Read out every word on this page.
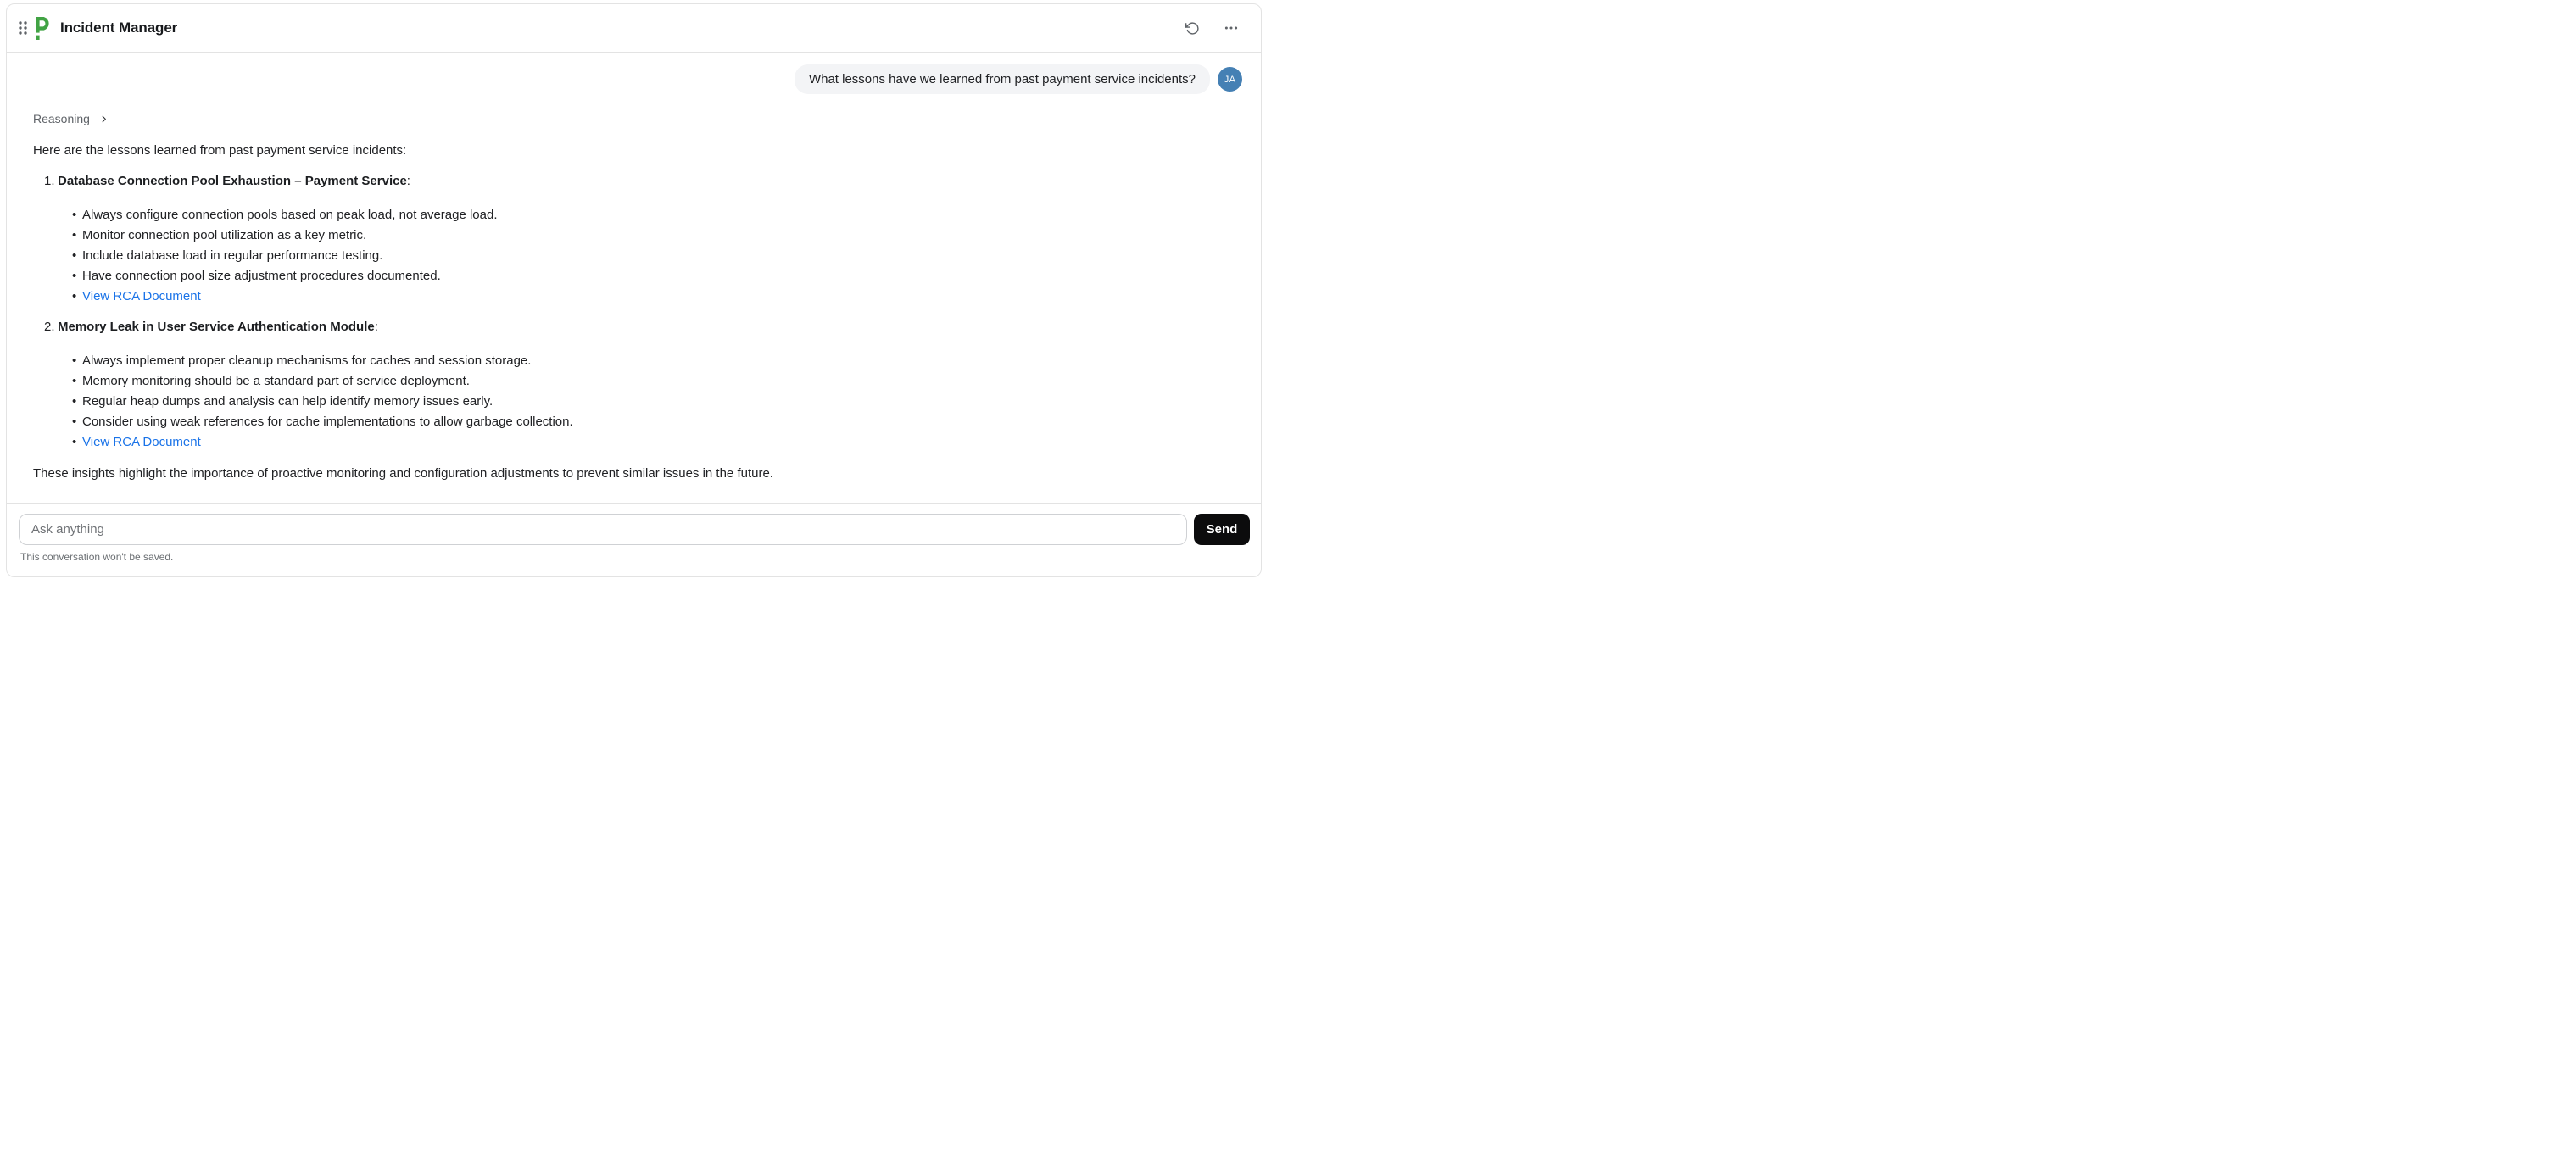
Incident Manager
What lessons have we learned from past payment service incidents?	JA
Reasoning

Here are the lessons learned from past payment service incidents:

Database Connection Pool Exhaustion – Payment Service:
• Always configure connection pools based on peak load, not average load.
• Monitor connection pool utilization as a key metric.
• Include database load in regular performance testing.
• Have connection pool size adjustment procedures documented.
• View RCA Document
Memory Leak in User Service Authentication Module:
• Always implement proper cleanup mechanisms for caches and session storage.
• Memory monitoring should be a standard part of service deployment.
• Regular heap dumps and analysis can help identify memory issues early.
• Consider using weak references for cache implementations to allow garbage collection.
• View RCA Document

These insights highlight the importance of proactive monitoring and configuration adjustments to prevent similar issues in the future.

Ask anything
Send
This conversation won't be saved.
